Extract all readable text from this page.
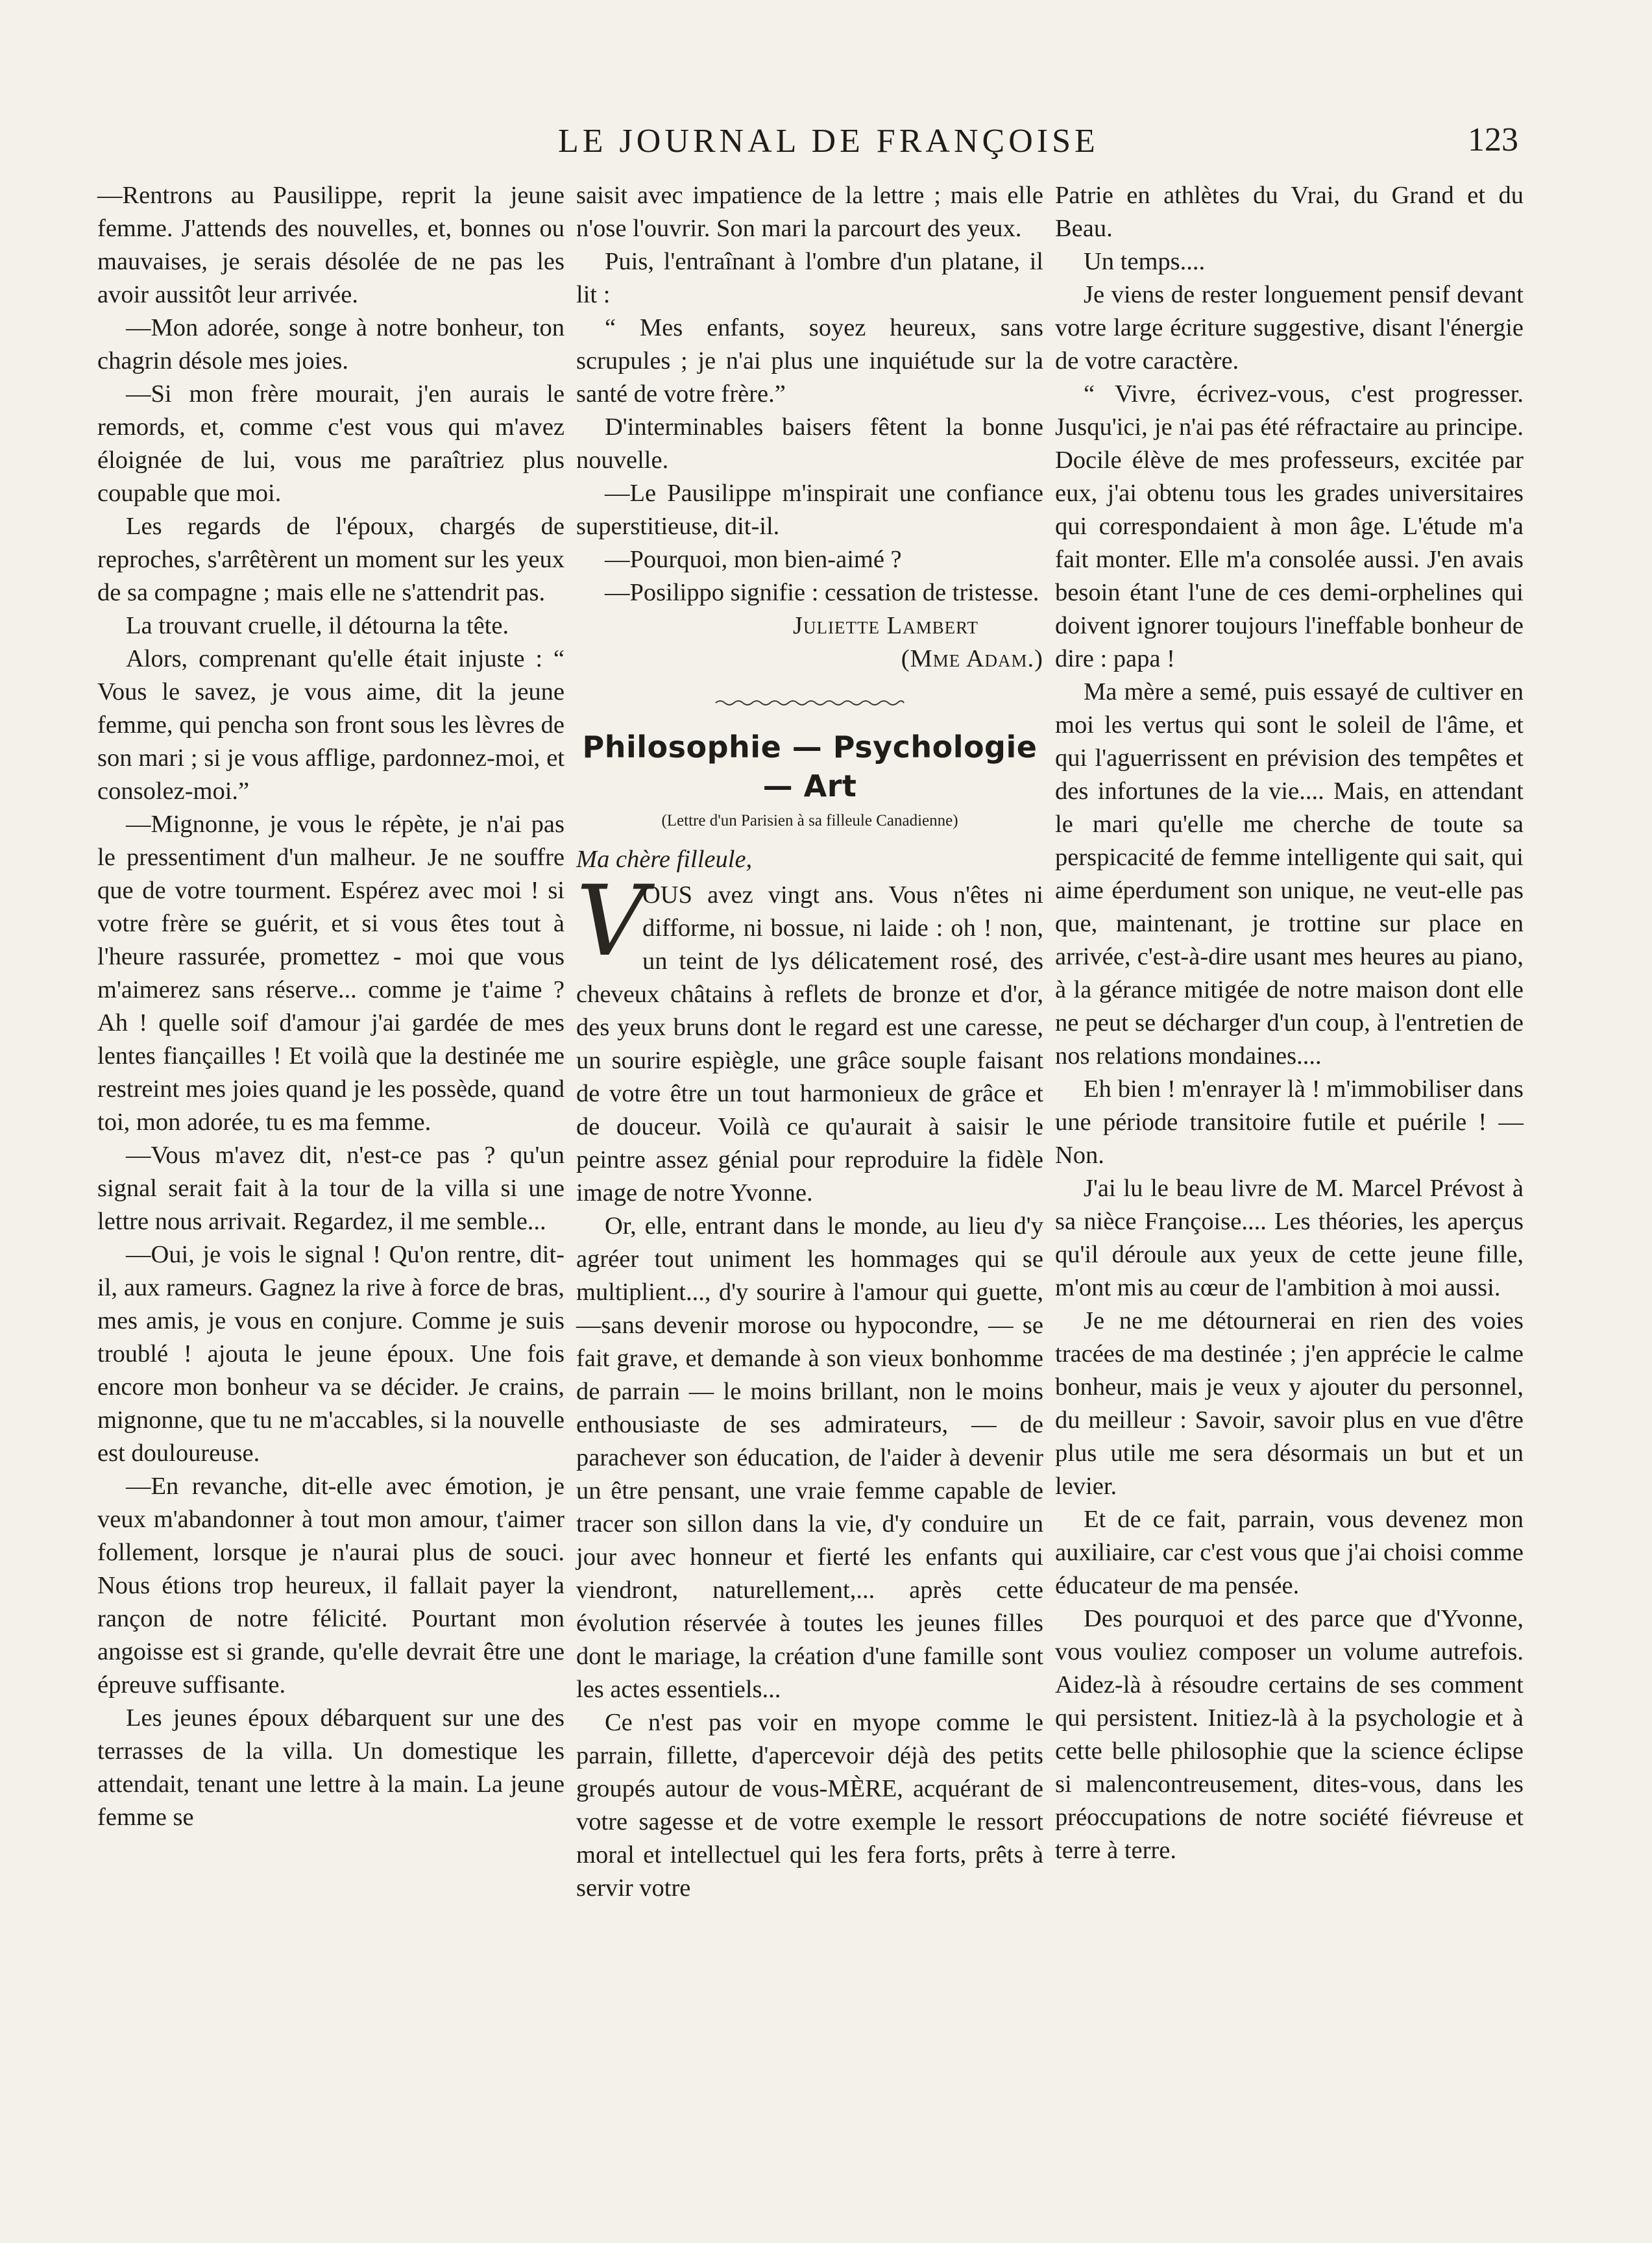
LE JOURNAL DE FRANÇOISE	123

—Rentrons au Pausilippe, reprit la jeune femme. J'attends des nouvelles, et, bonnes ou mauvaises, je serais désolée de ne pas les avoir aussitôt leur arrivée.

—Mon adorée, songe à notre bonheur, ton chagrin désole mes joies.

—Si mon frère mourait, j'en aurais le remords, et, comme c'est vous qui m'avez éloignée de lui, vous me paraîtriez plus coupable que moi.

Les regards de l'époux, chargés de reproches, s'arrêtèrent un moment sur les yeux de sa compagne ; mais elle ne s'attendrit pas.

La trouvant cruelle, il détourna la tête.

Alors, comprenant qu'elle était injuste : “ Vous le savez, je vous aime, dit la jeune femme, qui pencha son front sous les lèvres de son mari ; si je vous afflige, pardonnez-moi, et consolez-moi.”

—Mignonne, je vous le répète, je n'ai pas le pressentiment d'un malheur. Je ne souffre que de votre tourment. Espérez avec moi ! si votre frère se guérit, et si vous êtes tout à l'heure rassurée, promettez - moi que vous m'aimerez sans réserve... comme je t'aime ? Ah ! quelle soif d'amour j'ai gardée de mes lentes fiançailles ! Et voilà que la destinée me restreint mes joies quand je les possède, quand toi, mon adorée, tu es ma femme.

—Vous m'avez dit, n'est-ce pas ? qu'un signal serait fait à la tour de la villa si une lettre nous arrivait. Regardez, il me semble...

—Oui, je vois le signal ! Qu'on rentre, dit-il, aux rameurs. Gagnez la rive à force de bras, mes amis, je vous en conjure. Comme je suis troublé ! ajouta le jeune époux. Une fois encore mon bonheur va se décider. Je crains, mignonne, que tu ne m'accables, si la nouvelle est douloureuse.

—En revanche, dit-elle avec émotion, je veux m'abandonner à tout mon amour, t'aimer follement, lorsque je n'aurai plus de souci. Nous étions trop heureux, il fallait payer la rançon de notre félicité. Pourtant mon angoisse est si grande, qu'elle devrait être une épreuve suffisante.

Les jeunes époux débarquent sur une des terrasses de la villa. Un domestique les attendait, tenant une lettre à la main. La jeune femme se

saisit avec impatience de la lettre ; mais elle n'ose l'ouvrir. Son mari la parcourt des yeux.

Puis, l'entraînant à l'ombre d'un platane, il lit :

“ Mes enfants, soyez heureux, sans scrupules ; je n'ai plus une inquiétude sur la santé de votre frère.”

D'interminables baisers fêtent la bonne nouvelle.

—Le Pausilippe m'inspirait une confiance superstitieuse, dit-il.

—Pourquoi, mon bien-aimé ?

—Posilippo signifie : cessation de tristesse.

Juliette Lambert
(Mme Adam.)
Philosophie — Psychologie — Art
(Lettre d'un Parisien à sa filleule Canadienne)

Ma chère filleule,

V
OUS avez vingt ans. Vous n'êtes ni difforme, ni bossue, ni laide : oh ! non, un teint de lys délicatement rosé, des cheveux châtains à reflets de bronze et d'or, des yeux bruns dont le regard est une caresse, un sourire espiègle, une grâce souple faisant de votre être un tout harmonieux de grâce et de douceur. Voilà ce qu'aurait à saisir le peintre assez génial pour reproduire la fidèle image de notre Yvonne.

Or, elle, entrant dans le monde, au lieu d'y agréer tout uniment les hommages qui se multiplient..., d'y sourire à l'amour qui guette,—sans devenir morose ou hypocondre, — se fait grave, et demande à son vieux bonhomme de parrain — le moins brillant, non le moins enthousiaste de ses admirateurs, — de parachever son éducation, de l'aider à devenir un être pensant, une vraie femme capable de tracer son sillon dans la vie, d'y conduire un jour avec honneur et fierté les enfants qui viendront, naturellement,... après cette évolution réservée à toutes les jeunes filles dont le mariage, la création d'une famille sont les actes essentiels...

Ce n'est pas voir en myope comme le parrain, fillette, d'apercevoir déjà des petits groupés autour de vous-MÈRE, acquérant de votre sagesse et de votre exemple le ressort moral et intellectuel qui les fera forts, prêts à servir votre

Patrie en athlètes du Vrai, du Grand et du Beau.

Un temps....

Je viens de rester longuement pensif devant votre large écriture suggestive, disant l'énergie de votre caractère.

“ Vivre, écrivez-vous, c'est progresser. Jusqu'ici, je n'ai pas été réfractaire au principe. Docile élève de mes professeurs, excitée par eux, j'ai obtenu tous les grades universitaires qui correspondaient à mon âge. L'étude m'a fait monter. Elle m'a consolée aussi. J'en avais besoin étant l'une de ces demi-orphelines qui doivent ignorer toujours l'ineffable bonheur de dire : papa !

Ma mère a semé, puis essayé de cultiver en moi les vertus qui sont le soleil de l'âme, et qui l'aguerrissent en prévision des tempêtes et des infortunes de la vie.... Mais, en attendant le mari qu'elle me cherche de toute sa perspicacité de femme intelligente qui sait, qui aime éperdument son unique, ne veut-elle pas que, maintenant, je trottine sur place en arrivée, c'est-à-dire usant mes heures au piano, à la gérance mitigée de notre maison dont elle ne peut se décharger d'un coup, à l'entretien de nos relations mondaines....

Eh bien ! m'enrayer là ! m'immobiliser dans une période transitoire futile et puérile ! — Non.

J'ai lu le beau livre de M. Marcel Prévost à sa nièce Françoise.... Les théories, les aperçus qu'il déroule aux yeux de cette jeune fille, m'ont mis au cœur de l'ambition à moi aussi.

Je ne me détournerai en rien des voies tracées de ma destinée ; j'en apprécie le calme bonheur, mais je veux y ajouter du personnel, du meilleur : Savoir, savoir plus en vue d'être plus utile me sera désormais un but et un levier.

Et de ce fait, parrain, vous devenez mon auxiliaire, car c'est vous que j'ai choisi comme éducateur de ma pensée.

Des pourquoi et des parce que d'Yvonne, vous vouliez composer un volume autrefois. Aidez-là à résoudre certains de ses comment qui persistent. Initiez-là à la psychologie et à cette belle philosophie que la science éclipse si malencontreusement, dites-vous, dans les préoccupations de notre société fiévreuse et terre à terre.
